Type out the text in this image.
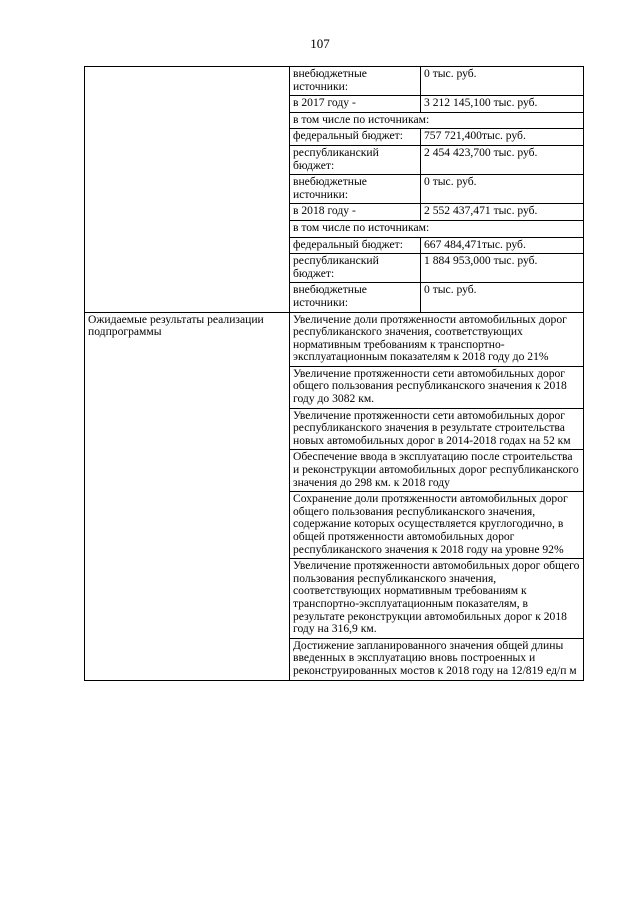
107
	внебюджетные источники:	0 тыс. руб.
	в 2017 году -	3 212 145,100 тыс. руб.
	в том числе по источникам:	
	федеральный бюджет:	757 721,400тыс. руб.
	республиканский бюджет:	2 454 423,700 тыс. руб.
	внебюджетные источники:	0 тыс. руб.
	в 2018 году -	2 552 437,471 тыс. руб.
	в том числе по источникам:	
	федеральный бюджет:	667 484,471тыс. руб.
	республиканский бюджет:	1 884 953,000 тыс. руб.
	внебюджетные источники:	0 тыс. руб.
Ожидаемые результаты реализации подпрограммы	Увеличение доли протяженности автомобильных дорог республиканского значения, соответствующих нормативным требованиям к транспортно-эксплуатационным показателям к 2018 году до 21%	
	Увеличение протяженности сети автомобильных дорог общего пользования республиканского значения к 2018 году до 3082 км.	
	Увеличение протяженности сети автомобильных дорог республиканского значения в результате строительства новых автомобильных дорог в 2014-2018 годах на 52 км	
	Обеспечение ввода в эксплуатацию после строительства и реконструкции автомобильных дорог республиканского значения до 298 км. к 2018 году	
	Сохранение доли протяженности автомобильных дорог общего пользования республиканского значения, содержание которых осуществляется круглогодично, в общей протяженности автомобильных дорог республиканского значения к 2018 году на уровне 92%	
	Увеличение протяженности автомобильных дорог общего пользования республиканского значения, соответствующих нормативным требованиям к транспортно-эксплуатационным показателям, в результате реконструкции автомобильных дорог к 2018 году на 316,9 км.	
	Достижение запланированного значения общей длины введенных в эксплуатацию вновь построенных и реконструированных мостов к 2018 году на 12/819 ед/п м	
